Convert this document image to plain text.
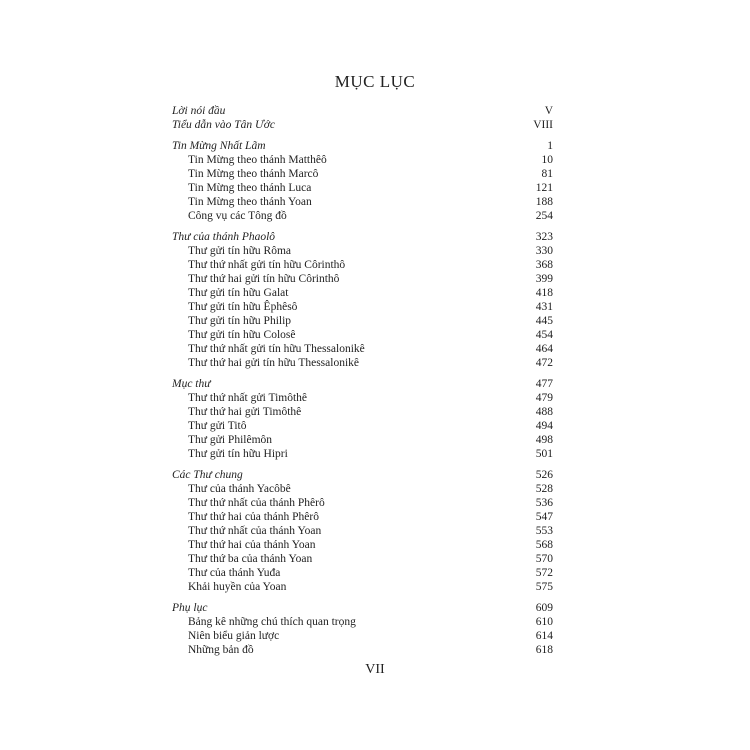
MỤC LỤC
Lời nói đầu	V
Tiểu dẫn vào Tân Ước	VIII
Tin Mừng Nhất Lãm	1
Tin Mừng theo thánh Matthêô	10
Tin Mừng theo thánh Marcô	81
Tin Mừng theo thánh Luca	121
Tin Mừng theo thánh Yoan	188
Công vụ các Tông đồ	254
Thư của thánh Phaolô	323
Thư gửi tín hữu Rôma	330
Thư thứ nhất gửi tín hữu Côrinthô	368
Thư thứ hai gửi tín hữu Côrinthô	399
Thư gửi tín hữu Galat	418
Thư gửi tín hữu Êphêsô	431
Thư gửi tín hữu Philip	445
Thư gửi tín hữu Colosê	454
Thư thứ nhất gửi tín hữu Thessalonikê	464
Thư thứ hai gửi tín hữu Thessalonikê	472
Mục thư	477
Thư thứ nhất gửi Timôthê	479
Thư thứ hai gửi Timôthê	488
Thư gửi Titô	494
Thư gửi Philêmôn	498
Thư gửi tín hữu Hipri	501
Các Thư chung	526
Thư của thánh Yacôbê	528
Thư thứ nhất của thánh Phêrô	536
Thư thứ hai của thánh Phêrô	547
Thư thứ nhất của thánh Yoan	553
Thư thứ hai của thánh Yoan	568
Thư thứ ba của thánh Yoan	570
Thư của thánh Yuđa	572
Khải huyền của Yoan	575
Phụ lục	609
Bảng kê những chú thích quan trọng	610
Niên biểu giản lược	614
Những bản đồ	618
VII
